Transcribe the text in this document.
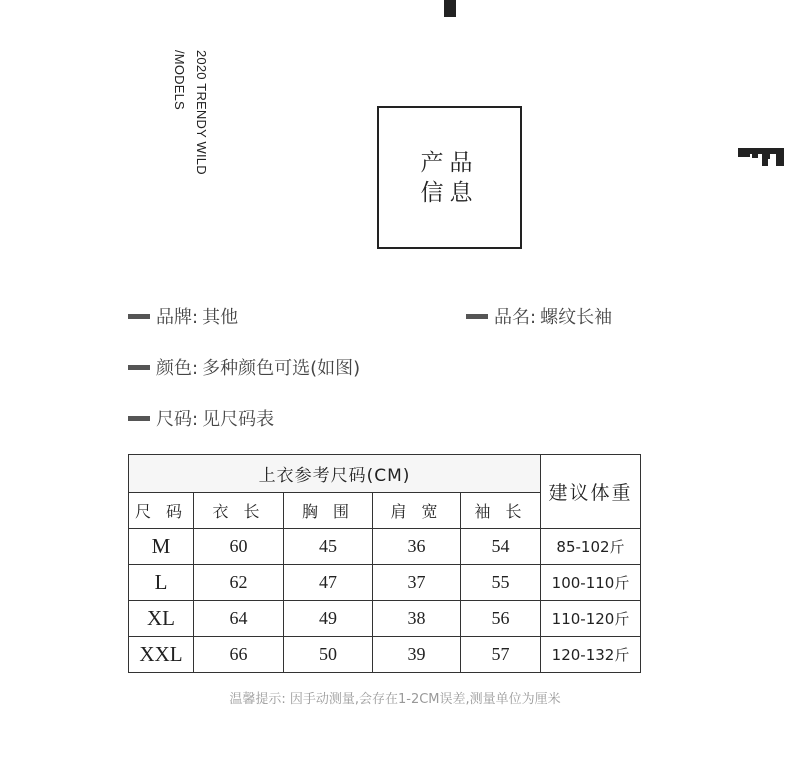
2020 TRENDY WILD
/MODELS
产品
信息
品牌: 其他	品名: 螺纹长袖
颜色: 多种颜色可选(如图)
尺码: 见尺码表
上衣参考尺码(CM)					建议体重
尺 码	衣 长	胸 围	肩 宽	袖 长	
M	60	45	36	54	85-102斤
L	62	47	37	55	100-110斤
XL	64	49	38	56	110-120斤
XXL	66	50	39	57	120-132斤
温馨提示: 因手动测量,会存在1-2CM误差,测量单位为厘米
